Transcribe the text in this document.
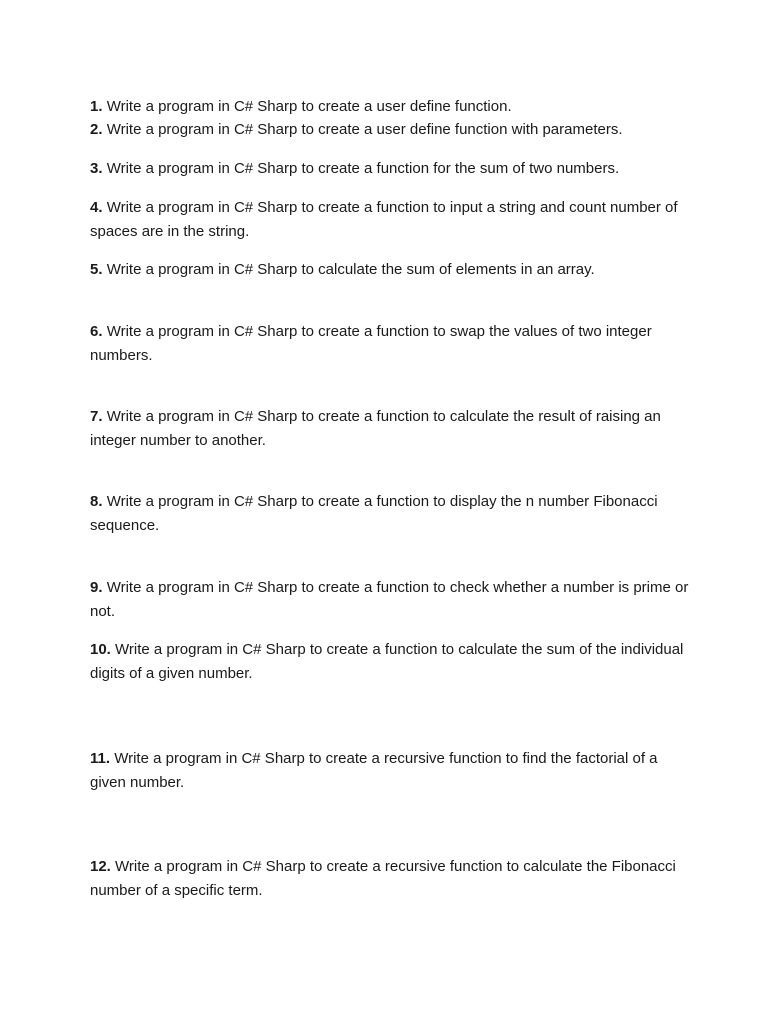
1. Write a program in C# Sharp to create a user define function.

2. Write a program in C# Sharp to create a user define function with parameters.

3. Write a program in C# Sharp to create a function for the sum of two numbers.

4. Write a program in C# Sharp to create a function to input a string and count number of spaces are in the string.

5. Write a program in C# Sharp to calculate the sum of elements in an array.

6. Write a program in C# Sharp to create a function to swap the values of two integer numbers.

7. Write a program in C# Sharp to create a function to calculate the result of raising an integer number to another.

8. Write a program in C# Sharp to create a function to display the n number Fibonacci sequence.

9. Write a program in C# Sharp to create a function to check whether a number is prime or not.

10. Write a program in C# Sharp to create a function to calculate the sum of the individual digits of a given number.

11. Write a program in C# Sharp to create a recursive function to find the factorial of a given number.

12. Write a program in C# Sharp to create a recursive function to calculate the Fibonacci number of a specific term.
